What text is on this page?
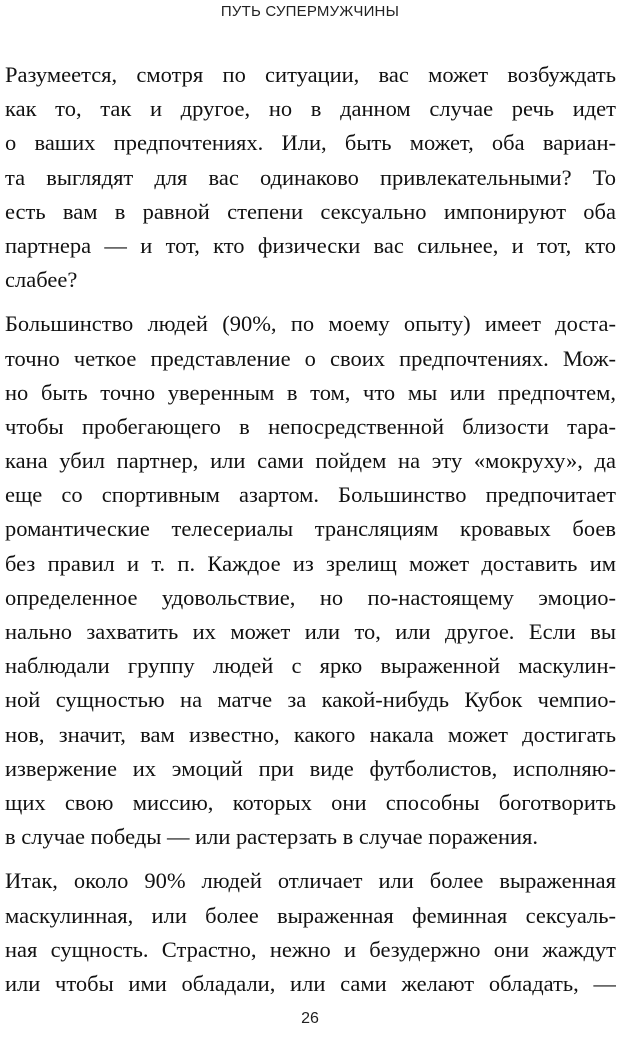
ПУТЬ СУПЕРМУЖЧИНЫ
Разумеется, смотря по ситуации, вас может возбуждать
как то, так и другое, но в данном случае речь идет
о ваших предпочтениях. Или, быть может, оба вариан-
та выглядят для вас одинаково привлекательными? То
есть вам в равной степени сексуально импонируют оба
партнера — и тот, кто физически вас сильнее, и тот, кто
слабее?
Большинство людей (90%, по моему опыту) имеет доста-
точно четкое представление о своих предпочтениях. Мож-
но быть точно уверенным в том, что мы или предпочтем,
чтобы пробегающего в непосредственной близости тара-
кана убил партнер, или сами пойдем на эту «мокруху», да
еще со спортивным азартом. Большинство предпочитает
романтические телесериалы трансляциям кровавых боев
без правил и т. п. Каждое из зрелищ может доставить им
определенное удовольствие, но по-настоящему эмоцио-
нально захватить их может или то, или другое. Если вы
наблюдали группу людей с ярко выраженной маскулин-
ной сущностью на матче за какой-нибудь Кубок чемпио-
нов, значит, вам известно, какого накала может достигать
извержение их эмоций при виде футболистов, исполняю-
щих свою миссию, которых они способны боготворить
в случае победы — или растерзать в случае поражения.
Итак, около 90% людей отличает или более выраженная
маскулинная, или более выраженная феминная сексуаль-
ная сущность. Страстно, нежно и безудержно они жаждут
или чтобы ими обладали, или сами желают обладать, —
26
